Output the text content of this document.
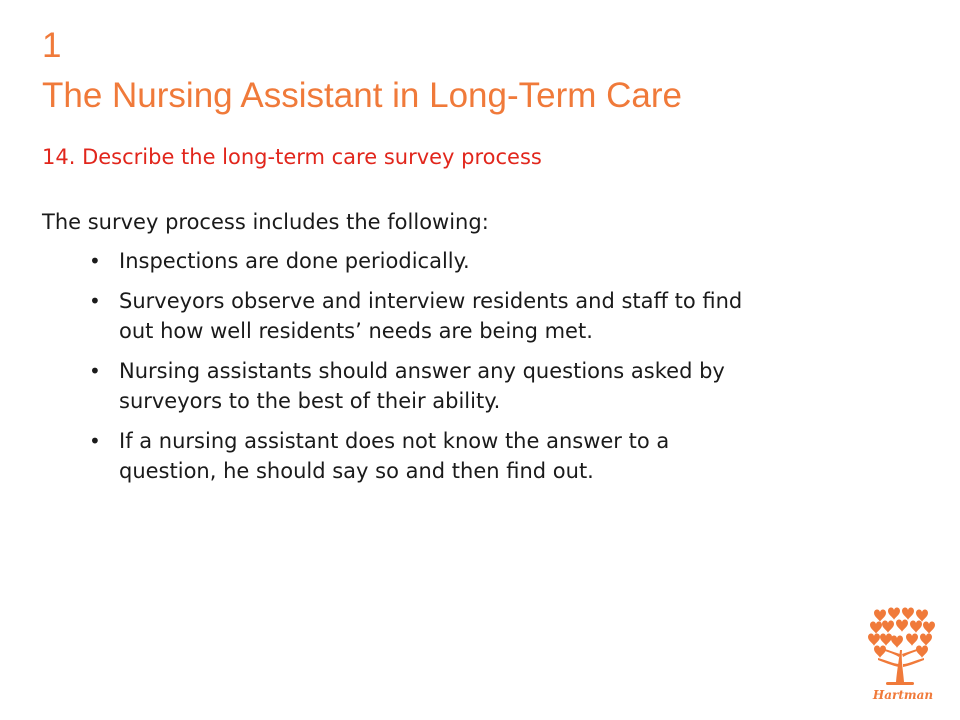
1
The Nursing Assistant in Long-Term Care
14. Describe the long-term care survey process
The survey process includes the following:
• Inspections are done periodically.
• Surveyors observe and interview residents and staff to find
out how well residents’ needs are being met.
• Nursing assistants should answer any questions asked by
surveyors to the best of their ability.
• If a nursing assistant does not know the answer to a
question, he should say so and then find out.
Hartman
